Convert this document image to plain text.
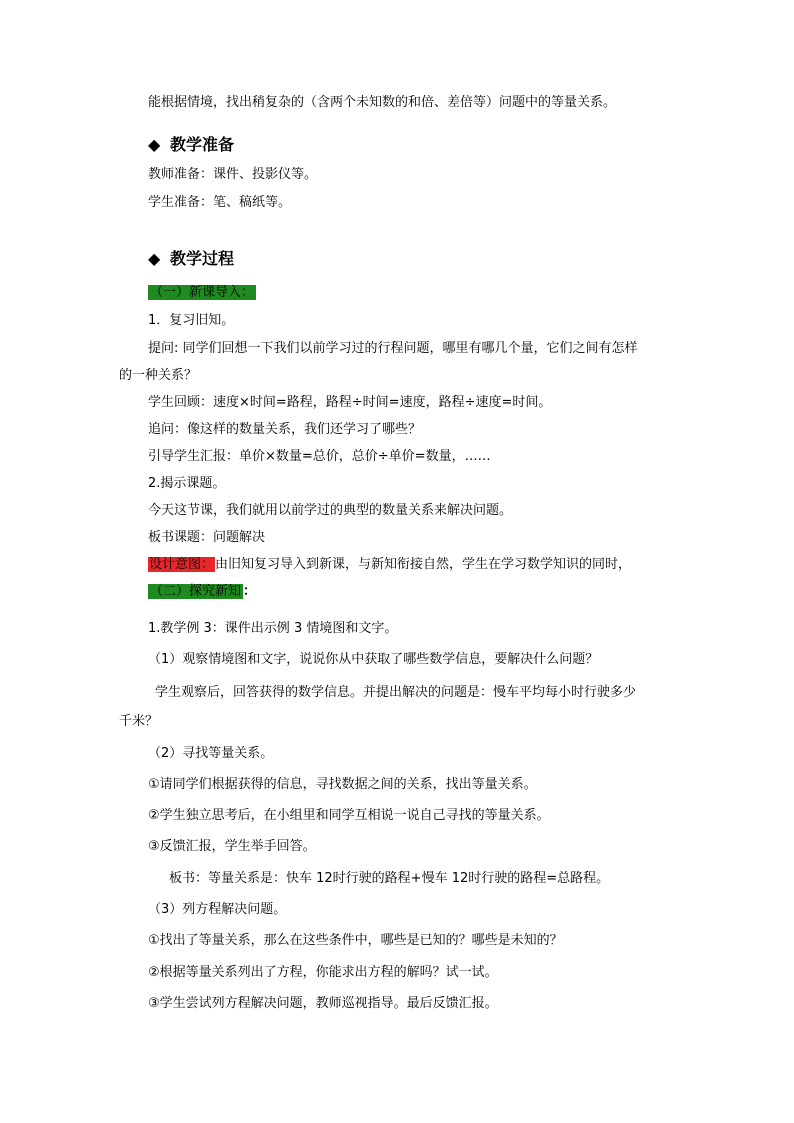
能根据情境，找出稍复杂的（含两个未知数的和倍、差倍等）问题中的等量关系。
◆ 教学准备
教师准备：课件、投影仪等。
学生准备：笔、稿纸等。
◆ 教学过程
（一）新课导入：
1．复习旧知。
提问: 同学们回想一下我们以前学习过的行程问题，哪里有哪几个量，它们之间有怎样
的一种关系？
学生回顾：速度×时间=路程，路程÷时间=速度，路程÷速度=时间。
追问：像这样的数量关系，我们还学习了哪些？
引导学生汇报：单价×数量=总价，总价÷单价=数量，……
2.揭示课题。
今天这节课，我们就用以前学过的典型的数量关系来解决问题。
板书课题：问题解决
设计意图：由旧知复习导入到新课，与新知衔接自然，学生在学习数学知识的同时，
（二）探究新知 ：
1.教学例 3：课件出示例 3 情境图和文字。
（1）观察情境图和文字，说说你从中获取了哪些数学信息，要解决什么问题？
学生观察后，回答获得的数学信息。并提出解决的问题是：慢车平均每小时行驶多少
千米？
（2）寻找等量关系。
①请同学们根据获得的信息，寻找数据之间的关系，找出等量关系。
②学生独立思考后，在小组里和同学互相说一说自己寻找的等量关系。
③反馈汇报，学生举手回答。
板书：等量关系是：快车 12时行驶的路程+慢车 12时行驶的路程=总路程。
（3）列方程解决问题。
①找出了等量关系，那么在这些条件中，哪些是已知的？哪些是未知的？
②根据等量关系列出了方程，你能求出方程的解吗？试一试。
③学生尝试列方程解决问题，教师巡视指导。最后反馈汇报。
